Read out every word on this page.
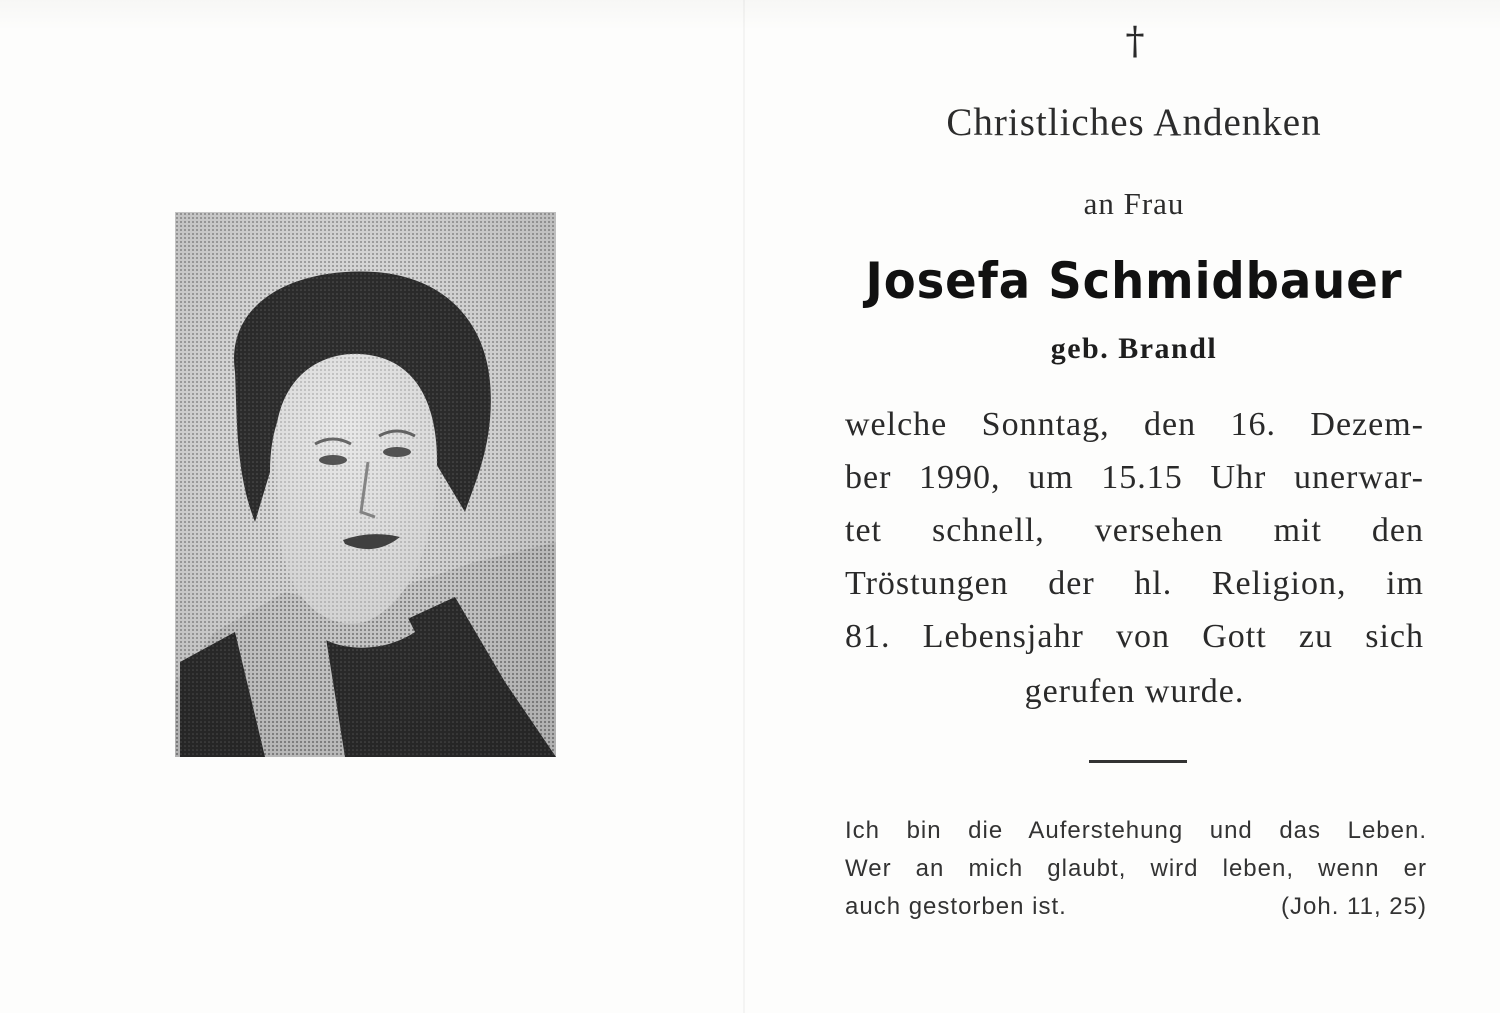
†
Christliches Andenken
an Frau
Josefa Schmidbauer
geb. Brandl
welche Sonntag, den 16. Dezem-
ber 1990, um 15.15 Uhr unerwar-
tet schnell, versehen mit den
Tröstungen der hl. Religion, im
81. Lebensjahr von Gott zu sich
gerufen wurde.
Ich bin die Auferstehung und das Leben.
Wer an mich glaubt, wird leben, wenn er
auch gestorben ist.	(Joh. 11, 25)
